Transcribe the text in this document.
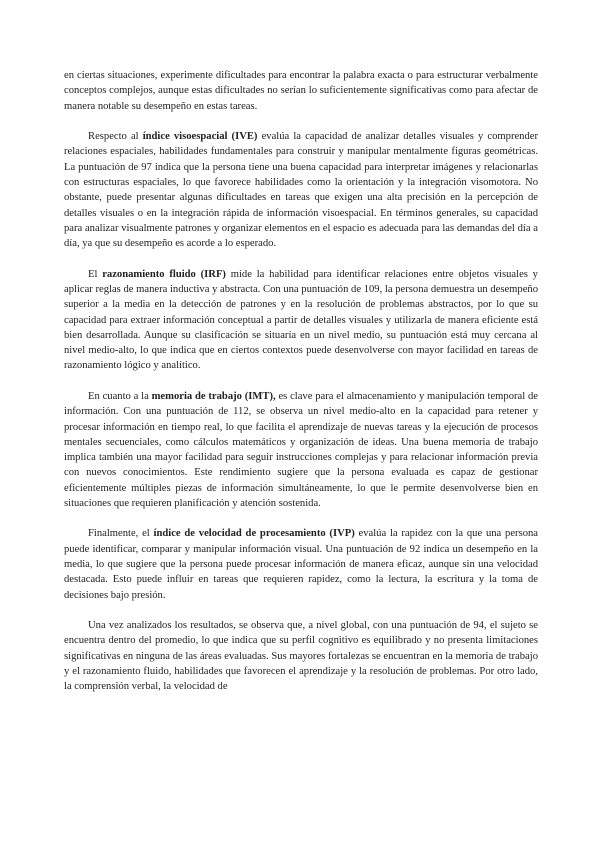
en ciertas situaciones, experimente dificultades para encontrar la palabra exacta o para estructurar verbalmente conceptos complejos, aunque estas dificultades no serían lo suficientemente significativas como para afectar de manera notable su desempeño en estas tareas.

Respecto al índice visoespacial (IVE) evalúa la capacidad de analizar detalles visuales y comprender relaciones espaciales, habilidades fundamentales para construir y manipular mentalmente figuras geométricas. La puntuación de 97 indica que la persona tiene una buena capacidad para interpretar imágenes y relacionarlas con estructuras espaciales, lo que favorece habilidades como la orientación y la integración visomotora. No obstante, puede presentar algunas dificultades en tareas que exigen una alta precisión en la percepción de detalles visuales o en la integración rápida de información visoespacial. En términos generales, su capacidad para analizar visualmente patrones y organizar elementos en el espacio es adecuada para las demandas del día a día, ya que su desempeño es acorde a lo esperado.

El razonamiento fluido (IRF) mide la habilidad para identificar relaciones entre objetos visuales y aplicar reglas de manera inductiva y abstracta. Con una puntuación de 109, la persona demuestra un desempeño superior a la media en la detección de patrones y en la resolución de problemas abstractos, por lo que su capacidad para extraer información conceptual a partir de detalles visuales y utilizarla de manera eficiente está bien desarrollada. Aunque su clasificación se situaría en un nivel medio, su puntuación está muy cercana al nivel medio-alto, lo que indica que en ciertos contextos puede desenvolverse con mayor facilidad en tareas de razonamiento lógico y analítico.

En cuanto a la memoria de trabajo (IMT), es clave para el almacenamiento y manipulación temporal de información. Con una puntuación de 112, se observa un nivel medio-alto en la capacidad para retener y procesar información en tiempo real, lo que facilita el aprendizaje de nuevas tareas y la ejecución de procesos mentales secuenciales, como cálculos matemáticos y organización de ideas. Una buena memoria de trabajo implica también una mayor facilidad para seguir instrucciones complejas y para relacionar información previa con nuevos conocimientos. Este rendimiento sugiere que la persona evaluada es capaz de gestionar eficientemente múltiples piezas de información simultáneamente, lo que le permite desenvolverse bien en situaciones que requieren planificación y atención sostenida.

Finalmente, el índice de velocidad de procesamiento (IVP) evalúa la rapidez con la que una persona puede identificar, comparar y manipular información visual. Una puntuación de 92 indica un desempeño en la media, lo que sugiere que la persona puede procesar información de manera eficaz, aunque sin una velocidad destacada. Esto puede influir en tareas que requieren rapidez, como la lectura, la escritura y la toma de decisiones bajo presión.

Una vez analizados los resultados, se observa que, a nivel global, con una puntuación de 94, el sujeto se encuentra dentro del promedio, lo que indica que su perfil cognitivo es equilibrado y no presenta limitaciones significativas en ninguna de las áreas evaluadas. Sus mayores fortalezas se encuentran en la memoria de trabajo y el razonamiento fluido, habilidades que favorecen el aprendizaje y la resolución de problemas. Por otro lado, la comprensión verbal, la velocidad de
